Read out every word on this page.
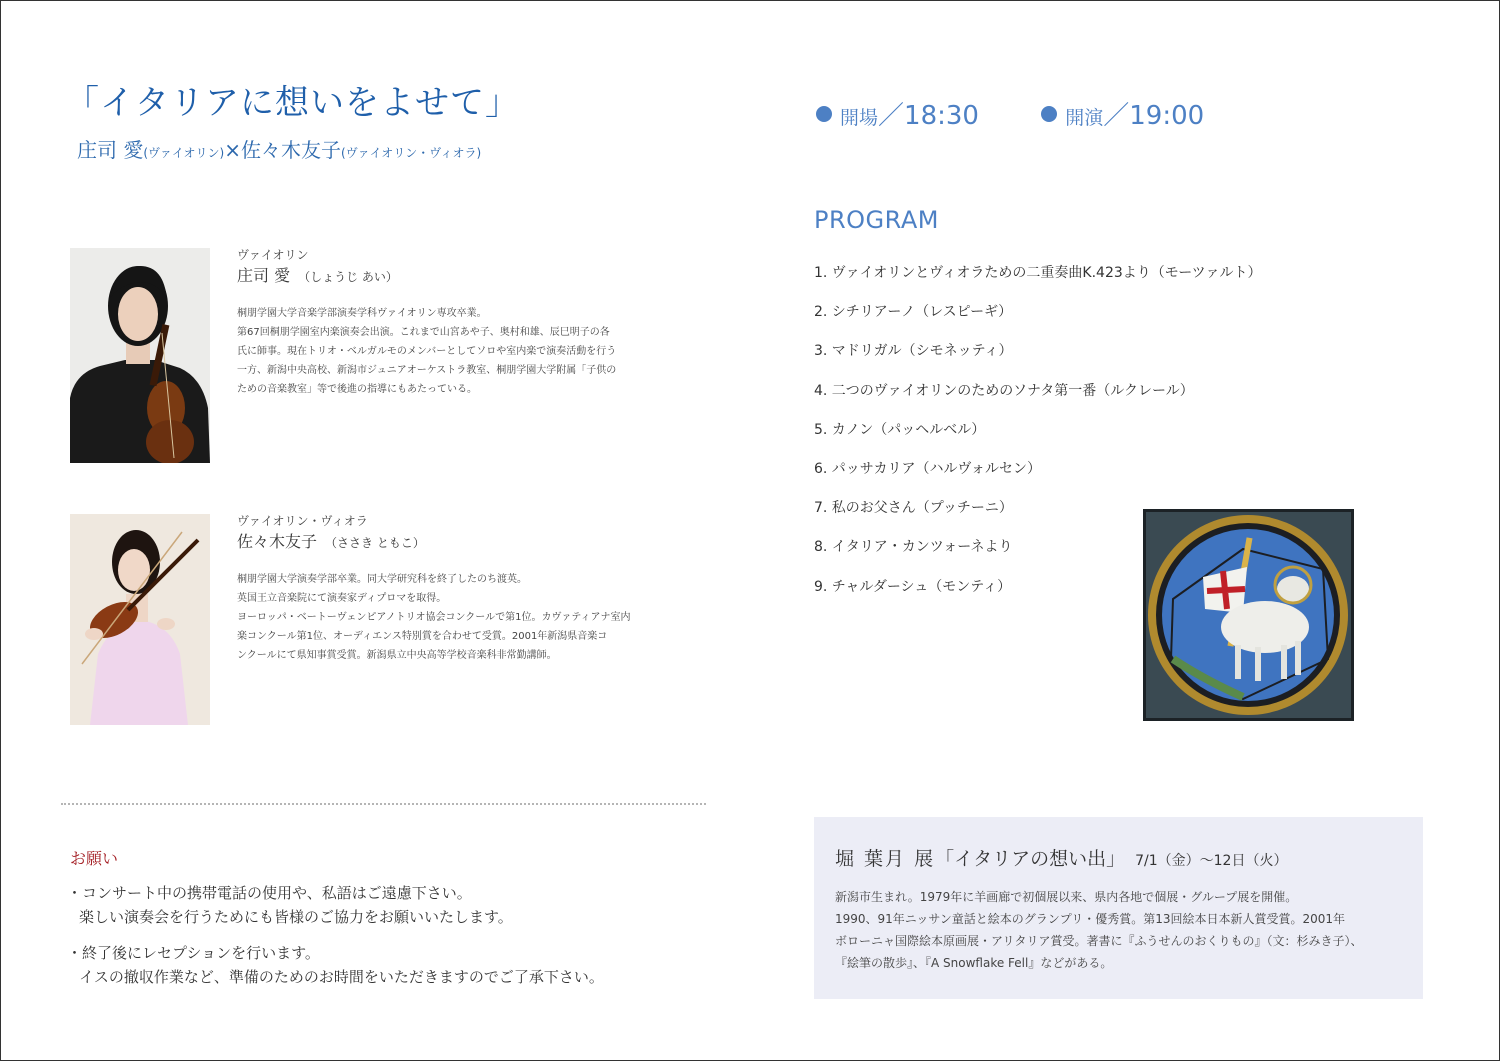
「イタリアに想いをよせて」
庄司 愛(ヴァイオリン)×佐々木友子(ヴァイオリン・ヴィオラ)
開場／18:30	開演／19:00
PROGRAM
1. ヴァイオリンとヴィオラための二重奏曲K.423より（モーツァルト）
2. シチリアーノ（レスピーギ）
3. マドリガル（シモネッティ）
4. 二つのヴァイオリンのためのソナタ第一番（ルクレール）
5. カノン（パッヘルベル）
6. パッサカリア（ハルヴォルセン）
7. 私のお父さん（プッチーニ）
8. イタリア・カンツォーネより
9. チャルダーシュ（モンティ）
ヴァイオリン
庄司 愛 （しょうじ あい）
桐朋学園大学音楽学部演奏学科ヴァイオリン専攻卒業。
第67回桐朋学園室内楽演奏会出演。これまで山宮あや子、奥村和雄、辰巳明子の各
氏に師事。現在トリオ・ベルガルモのメンバーとしてソロや室内楽で演奏活動を行う
一方、新潟中央高校、新潟市ジュニアオーケストラ教室、桐朋学園大学附属「子供の
ための音楽教室」等で後進の指導にもあたっている。
ヴァイオリン・ヴィオラ
佐々木友子 （ささき ともこ）
桐朋学園大学演奏学部卒業。同大学研究科を終了したのち渡英。
英国王立音楽院にて演奏家ディプロマを取得。
ヨーロッパ・ベートーヴェンピアノトリオ協会コンクールで第1位。カヴァティアナ室内
楽コンクール第1位、オーディエンス特別賞を合わせて受賞。2001年新潟県音楽コ
ンクールにて県知事賞受賞。新潟県立中央高等学校音楽科非常勤講師。
お願い
・コンサート中の携帯電話の使用や、私語はご遠慮下さい。
楽しい演奏会を行うためにも皆様のご協力をお願いいたします。
・終了後にレセプションを行います。
イスの撤収作業など、準備のためのお時間をいただきますのでご了承下さい。
堀 葉月 展「イタリアの想い出」 7/1（金）〜12日（火）
新潟市生まれ。1979年に羊画廊で初個展以来、県内各地で個展・グループ展を開催。
1990、91年ニッサン童話と絵本のグランプリ・優秀賞。第13回絵本日本新人賞受賞。2001年
ボローニャ国際絵本原画展・アリタリア賞受。著書に『ふうせんのおくりもの』（文：杉みき子）、
『絵筆の散歩』、『A Snowflake Fell』などがある。
